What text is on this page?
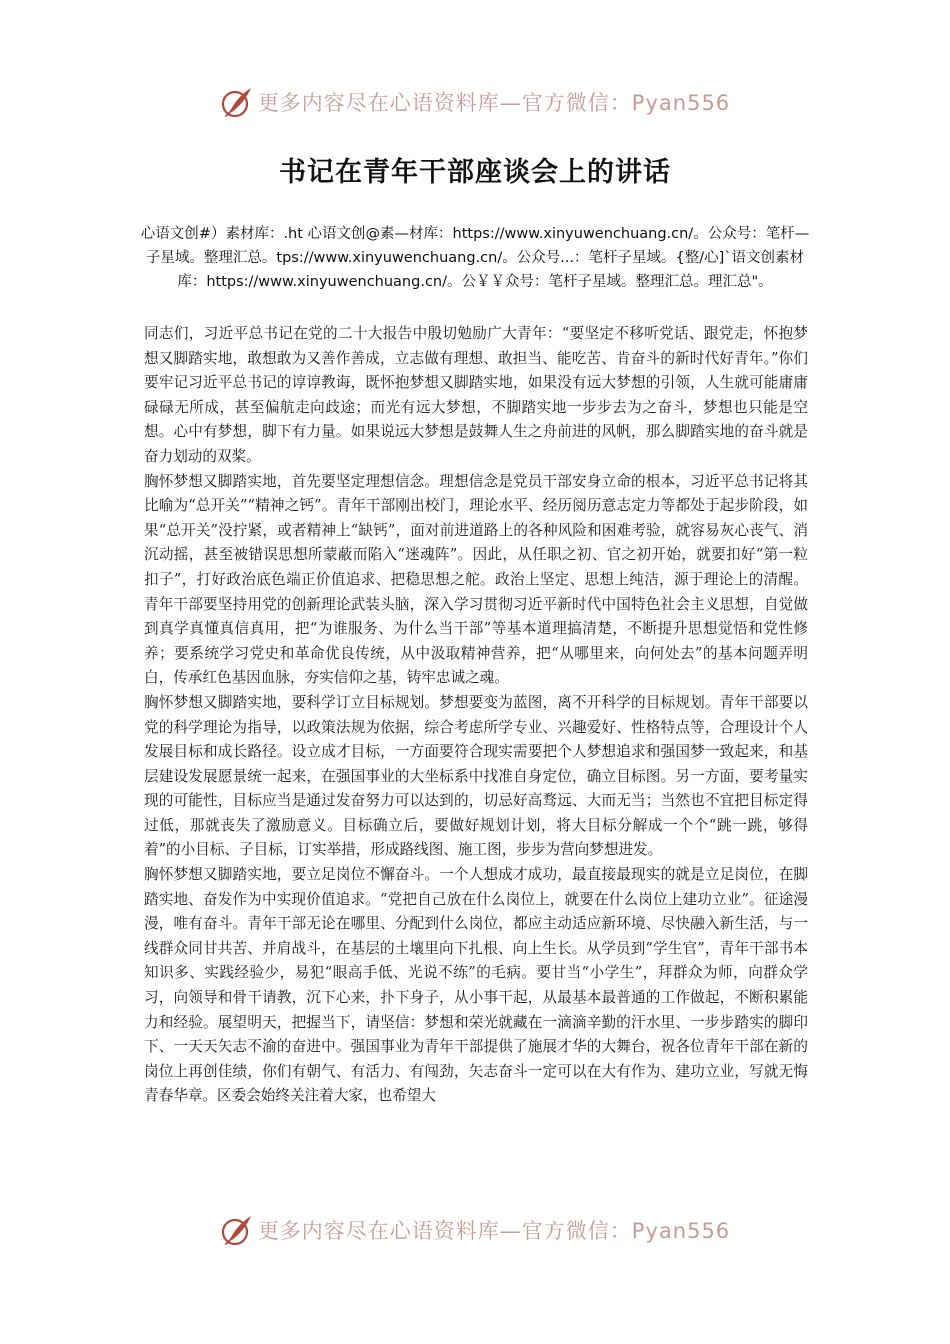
更多内容尽在心语资料库—官方微信：Pyan556
书记在青年干部座谈会上的讲话

心语文创#）素材库：.ht 心语文创@素—材库：https://www.xinyuwenchuang.cn/。公众号：笔杆—子星域。整理汇总。tps://www.xinyuwenchuang.cn/。公众号...：笔杆子星域。{整/心]`语文创素材库：https://www.xinyuwenchuang.cn/。公￥￥众号：笔杆子星域。整理汇总。理汇总"。

同志们，习近平总书记在党的二十大报告中殷切勉励广大青年：“要坚定不移听党话、跟党走，怀抱梦想又脚踏实地，敢想敢为又善作善成，立志做有理想、敢担当、能吃苦、肯奋斗的新时代好青年。”你们要牢记习近平总书记的谆谆教诲，既怀抱梦想又脚踏实地，如果没有远大梦想的引领，人生就可能庸庸碌碌无所成，甚至偏航走向歧途；而光有远大梦想，不脚踏实地一步步去为之奋斗，梦想也只能是空想。心中有梦想，脚下有力量。如果说远大梦想是鼓舞人生之舟前进的风帆，那么脚踏实地的奋斗就是奋力划动的双桨。

胸怀梦想又脚踏实地，首先要坚定理想信念。理想信念是党员干部安身立命的根本，习近平总书记将其比喻为“总开关”“精神之钙”。青年干部刚出校门，理论水平、经历阅历意志定力等都处于起步阶段，如果“总开关”没拧紧，或者精神上“缺钙”，面对前进道路上的各种风险和困难考验，就容易灰心丧气、消沉动摇，甚至被错误思想所蒙蔽而陷入“迷魂阵”。因此，从任职之初、官之初开始，就要扣好“第一粒扣子”，打好政治底色端正价值追求、把稳思想之舵。政治上坚定、思想上纯洁，源于理论上的清醒。青年干部要坚持用党的创新理论武装头脑，深入学习贯彻习近平新时代中国特色社会主义思想，自觉做到真学真懂真信真用，把“为谁服务、为什么当干部”等基本道理搞清楚，不断提升思想觉悟和党性修养；要系统学习党史和革命优良传统，从中汲取精神营养，把“从哪里来，向何处去”的基本问题弄明白，传承红色基因血脉，夯实信仰之基，铸牢忠诚之魂。

胸怀梦想又脚踏实地，要科学订立目标规划。梦想要变为蓝图，离不开科学的目标规划。青年干部要以党的科学理论为指导，以政策法规为依据，综合考虑所学专业、兴趣爱好、性格特点等，合理设计个人发展目标和成长路径。设立成才目标，一方面要符合现实需要把个人梦想追求和强国梦一致起来，和基层建设发展愿景统一起来，在强国事业的大坐标系中找准自身定位，确立目标图。另一方面，要考量实现的可能性，目标应当是通过发奋努力可以达到的，切忌好高骛远、大而无当；当然也不宜把目标定得过低，那就丧失了激励意义。目标确立后，要做好规划计划，将大目标分解成一个个“跳一跳，够得着”的小目标、子目标，订实举措，形成路线图、施工图，步步为营向梦想进发。

胸怀梦想又脚踏实地，要立足岗位不懈奋斗。一个人想成才成功，最直接最现实的就是立足岗位，在脚踏实地、奋发作为中实现价值追求。“党把自己放在什么岗位上，就要在什么岗位上建功立业”。征途漫漫，唯有奋斗。青年干部无论在哪里、分配到什么岗位，都应主动适应新环境、尽快融入新生活，与一线群众同甘共苦、并肩战斗，在基层的土壤里向下扎根、向上生长。从学员到“学生官”，青年干部书本知识多、实践经验少，易犯“眼高手低、光说不练”的毛病。要甘当“小学生”，拜群众为师，向群众学习，向领导和骨干请教，沉下心来，扑下身子，从小事干起，从最基本最普通的工作做起，不断积累能力和经验。展望明天，把握当下，请坚信：梦想和荣光就藏在一滴滴辛勤的汗水里、一步步踏实的脚印下、一天天矢志不渝的奋进中。强国事业为青年干部提供了施展才华的大舞台，祝各位青年干部在新的岗位上再创佳绩，你们有朝气、有活力、有闯劲，矢志奋斗一定可以在大有作为、建功立业，写就无悔青春华章。区委会始终关注着大家，也希望大

更多内容尽在心语资料库—官方微信：Pyan556
